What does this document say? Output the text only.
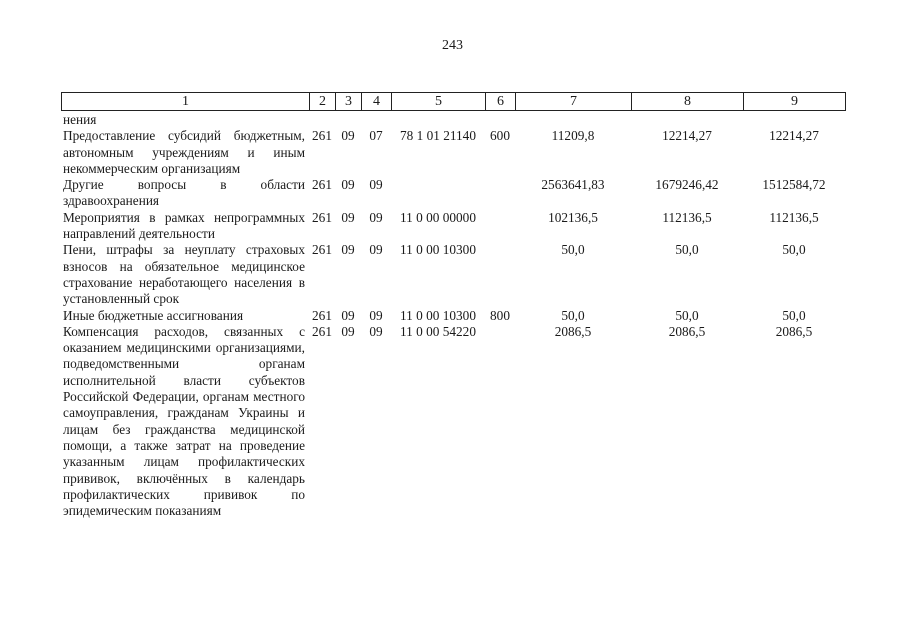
243
1	2	3	4	5	6	7	8	9
нения								
Предоставление субсидий бюджетным, автономным учреждениям и иным некоммерческим организациям	261	09	07	78 1 01 21140	600	11209,8	12214,27	12214,27
Другие вопросы в области здравоохранения	261	09	09			2563641,83	1679246,42	1512584,72
Мероприятия в рамках непрограммных направлений деятельности	261	09	09	11 0 00 00000		102136,5	112136,5	112136,5
Пени, штрафы за неуплату страховых взносов на обязательное медицинское страхование неработающего населения в установленный срок	261	09	09	11 0 00 10300		50,0	50,0	50,0
Иные бюджетные ассигнования	261	09	09	11 0 00 10300	800	50,0	50,0	50,0
Компенсация расходов, связанных с оказанием медицинскими организациями, подведомственными органам исполнительной власти субъектов Российской Федерации, органам местного самоуправления, гражданам Украины и лицам без гражданства медицинской помощи, а также затрат на проведение указанным лицам профилактических прививок, включённых в календарь профилактических прививок по эпидемическим показаниям	261	09	09	11 0 00 54220		2086,5	2086,5	2086,5
